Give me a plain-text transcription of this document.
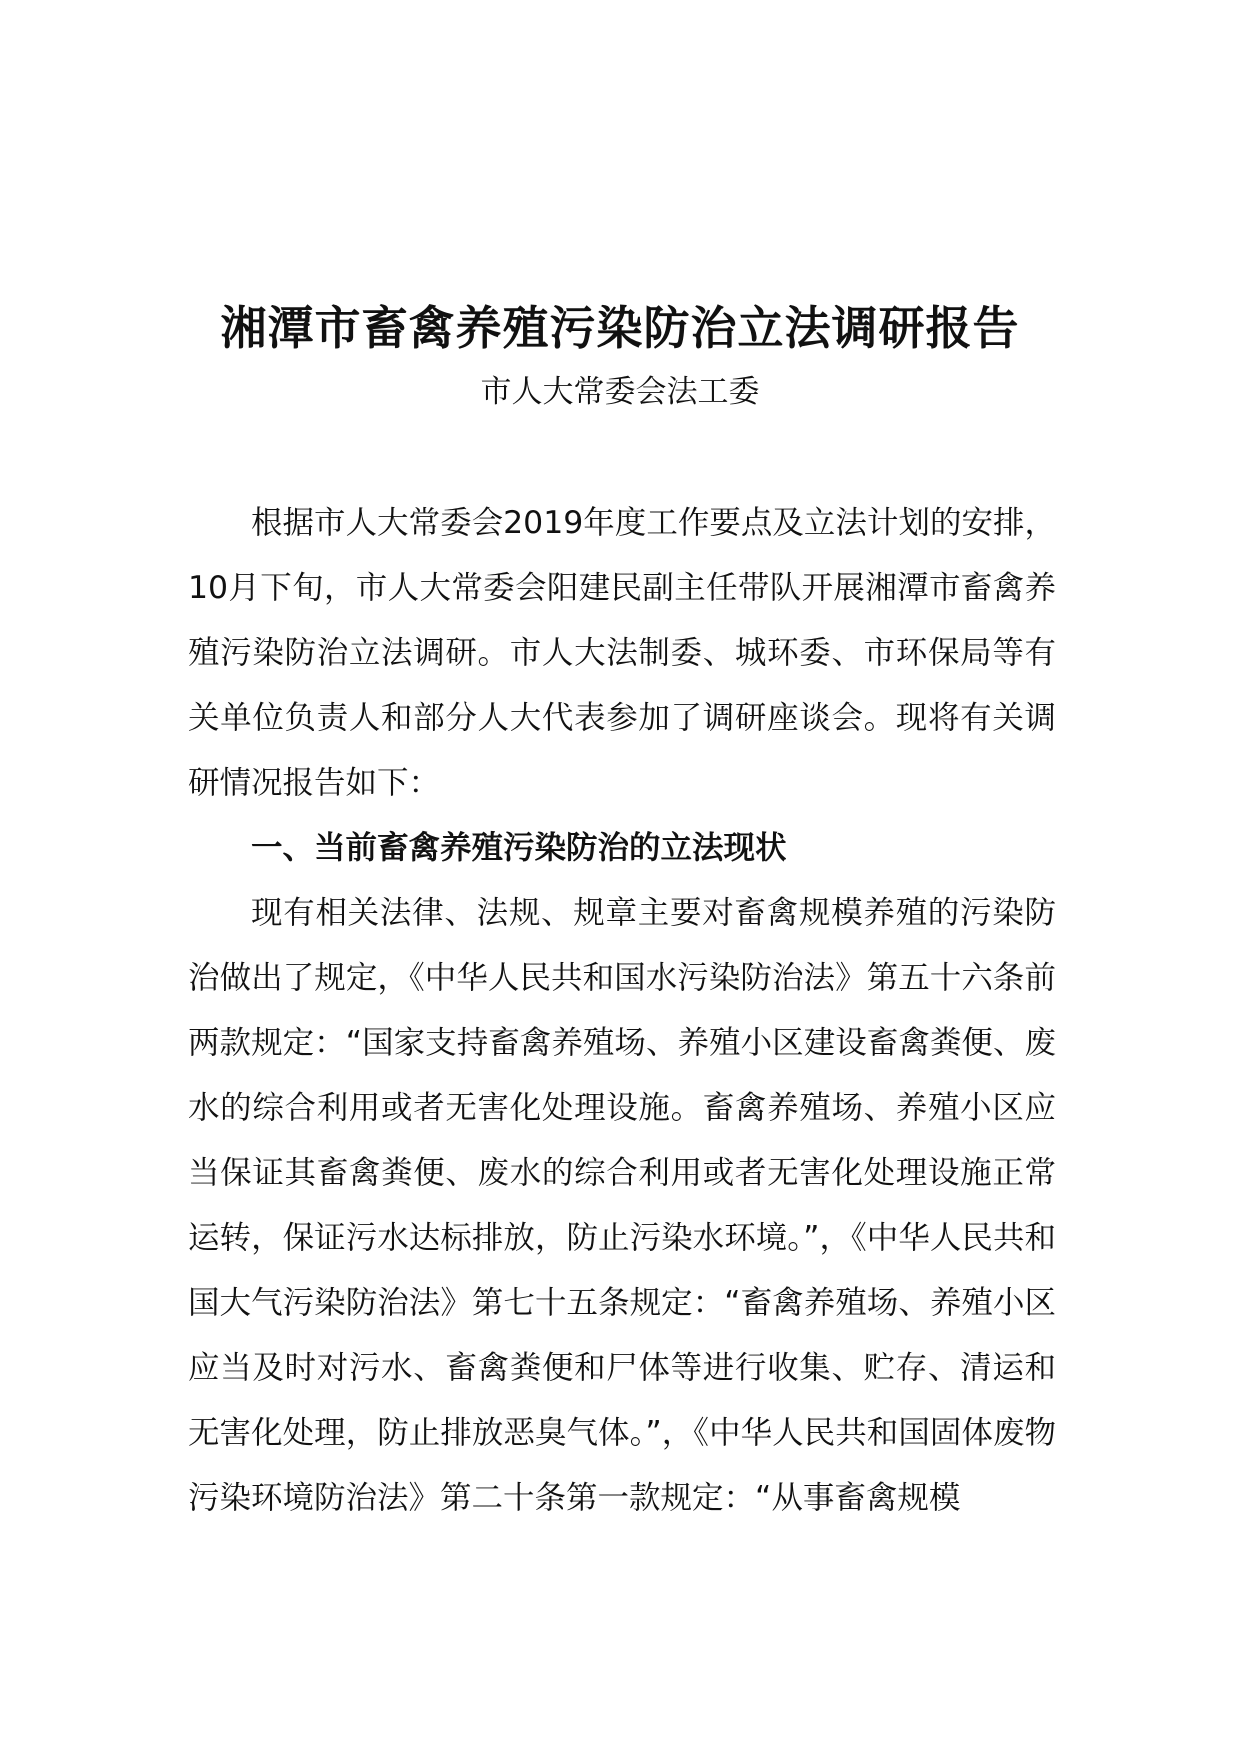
湘潭市畜禽养殖污染防治立法调研报告

市人大常委会法工委

根据市人大常委会2019年度工作要点及立法计划的安排，10月下旬，市人大常委会阳建民副主任带队开展湘潭市畜禽养殖污染防治立法调研。市人大法制委、城环委、市环保局等有关单位负责人和部分人大代表参加了调研座谈会。现将有关调研情况报告如下：

一、当前畜禽养殖污染防治的立法现状

现有相关法律、法规、规章主要对畜禽规模养殖的污染防治做出了规定，《中华人民共和国水污染防治法》第五十六条前两款规定：“国家支持畜禽养殖场、养殖小区建设畜禽粪便、废水的综合利用或者无害化处理设施。畜禽养殖场、养殖小区应当保证其畜禽粪便、废水的综合利用或者无害化处理设施正常运转，保证污水达标排放，防止污染水环境。”，《中华人民共和国大气污染防治法》第七十五条规定：“畜禽养殖场、养殖小区应当及时对污水、畜禽粪便和尸体等进行收集、贮存、清运和无害化处理，防止排放恶臭气体。”，《中华人民共和国固体废物污染环境防治法》第二十条第一款规定：“从事畜禽规模
